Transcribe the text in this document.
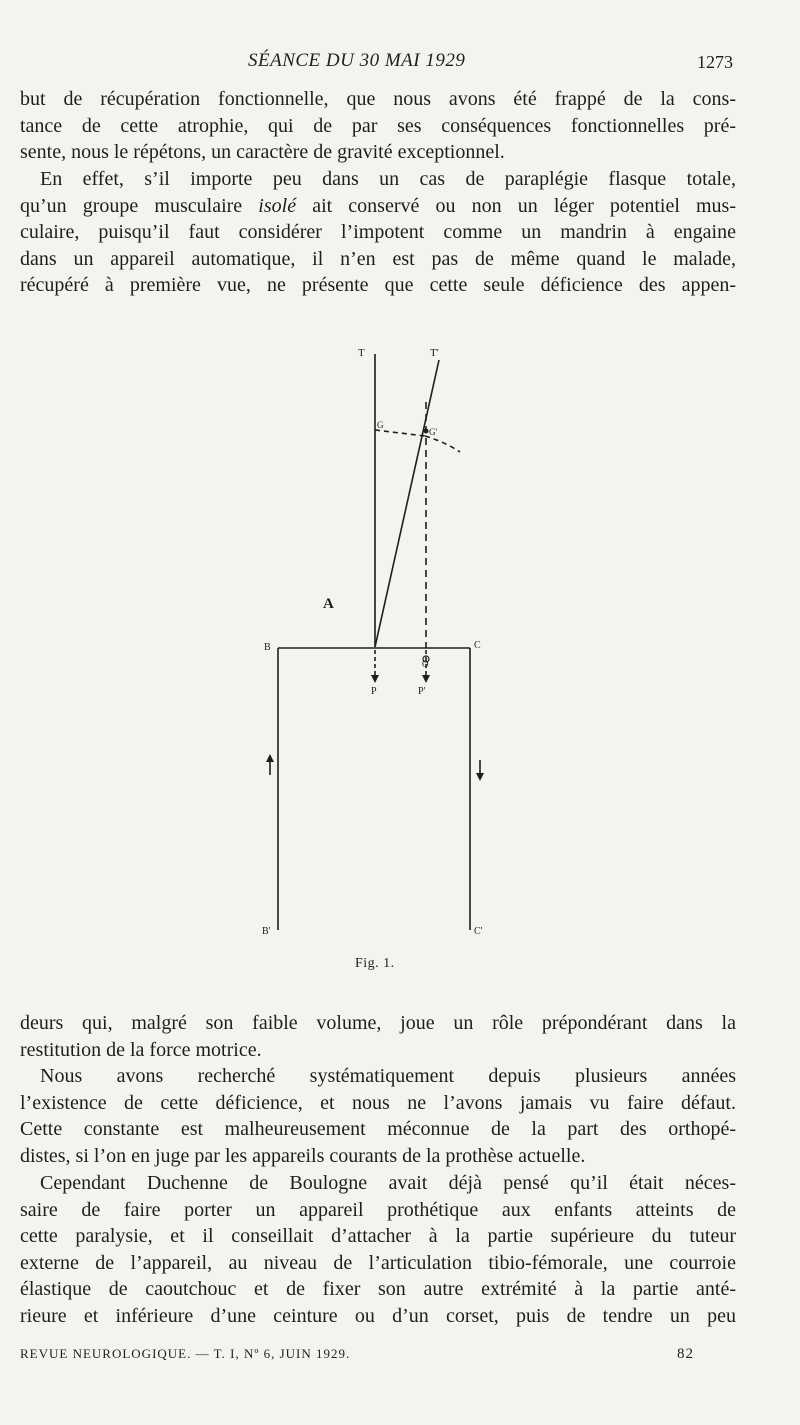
SÉANCE DU 30 MAI 1929	1273

but de récupération fonctionnelle, que nous avons été frappé de la cons-
tance de cette atrophie, qui de par ses conséquences fonctionnelles pré-
sente, nous le répétons, un caractère de gravité exceptionnel.

En effet, s’il importe peu dans un cas de paraplégie flasque totale,
qu’un groupe musculaire isolé ait conservé ou non un léger potentiel mus-
culaire, puisqu’il faut considérer l’impotent comme un mandrin à engaine
dans un appareil automatique, il n’en est pas de même quand le malade,
récupéré à première vue, ne présente que cette seule déficience des appen-

T	T'
G
G'
A
B	C
O
P	P'
B'	C'
Fig. 1.

deurs qui, malgré son faible volume, joue un rôle prépondérant dans la
restitution de la force motrice.

Nous avons recherché systématiquement depuis plusieurs années
l’existence de cette déficience, et nous ne l’avons jamais vu faire défaut.
Cette constante est malheureusement méconnue de la part des orthopé-
distes, si l’on en juge par les appareils courants de la prothèse actuelle.

Cependant Duchenne de Boulogne avait déjà pensé qu’il était néces-
saire de faire porter un appareil prothétique aux enfants atteints de
cette paralysie, et il conseillait d’attacher à la partie supérieure du tuteur
externe de l’appareil, au niveau de l’articulation tibio-fémorale, une courroie
élastique de caoutchouc et de fixer son autre extrémité à la partie anté-
rieure et inférieure d’une ceinture ou d’un corset, puis de tendre un peu

REVUE NEUROLOGIQUE. — T. I, Nº 6, JUIN 1929.	82
